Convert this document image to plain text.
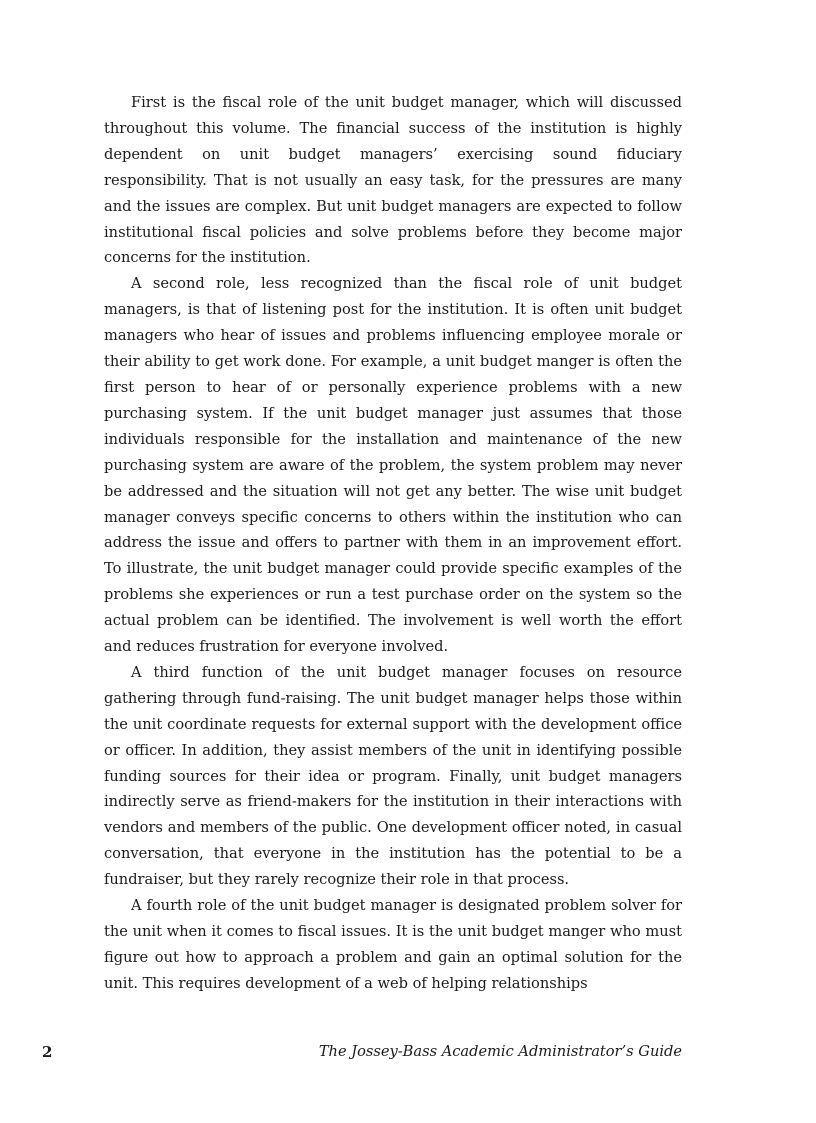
First is the fiscal role of the unit budget manager, which will discussed throughout this volume. The financial success of the institution is highly dependent on unit budget managers’ exercising sound fiduciary responsibility. That is not usually an easy task, for the pressures are many and the issues are complex. But unit budget managers are expected to follow institutional fiscal policies and solve problems before they become major concerns for the institution.

A second role, less recognized than the fiscal role of unit budget managers, is that of listening post for the institution. It is often unit budget managers who hear of issues and problems influencing employee morale or their ability to get work done. For example, a unit budget manger is often the first person to hear of or personally experience problems with a new purchasing system. If the unit budget manager just assumes that those individuals responsible for the installation and maintenance of the new purchasing system are aware of the problem, the system problem may never be addressed and the situation will not get any better. The wise unit budget manager conveys specific concerns to others within the institution who can address the issue and offers to partner with them in an improvement effort. To illustrate, the unit budget manager could provide specific examples of the problems she experiences or run a test purchase order on the system so the actual problem can be identified. The involvement is well worth the effort and reduces frustration for everyone involved.

A third function of the unit budget manager focuses on resource gathering through fund-raising. The unit budget manager helps those within the unit coordinate requests for external support with the development office or officer. In addition, they assist members of the unit in identifying possible funding sources for their idea or program. Finally, unit budget managers indirectly serve as friend-makers for the institution in their interactions with vendors and members of the public. One development officer noted, in casual conversation, that everyone in the institution has the potential to be a fundraiser, but they rarely recognize their role in that process.

A fourth role of the unit budget manager is designated problem solver for the unit when it comes to fiscal issues. It is the unit budget manger who must figure out how to approach a problem and gain an optimal solution for the unit. This requires development of a web of helping relationships

2	The Jossey-Bass Academic Administrator’s Guide
